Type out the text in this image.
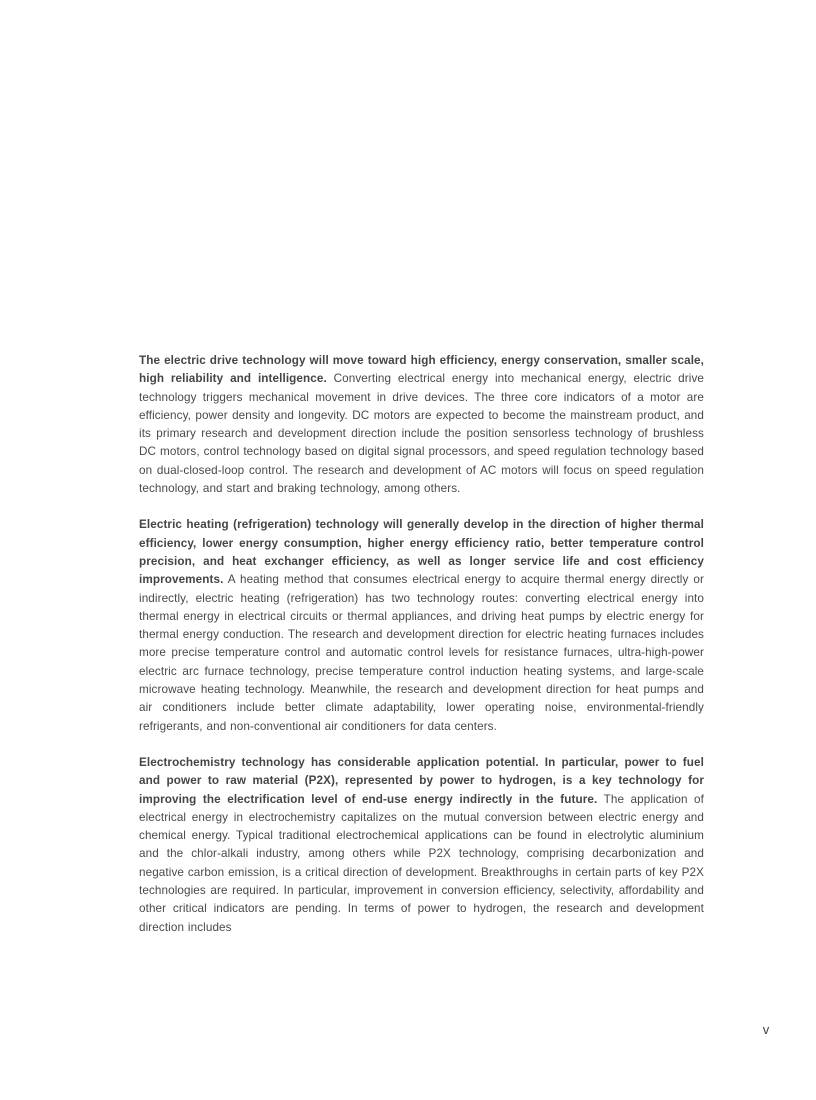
The electric drive technology will move toward high efficiency, energy conservation, smaller scale, high reliability and intelligence. Converting electrical energy into mechanical energy, electric drive technology triggers mechanical movement in drive devices. The three core indicators of a motor are efficiency, power density and longevity. DC motors are expected to become the mainstream product, and its primary research and development direction include the position sensorless technology of brushless DC motors, control technology based on digital signal processors, and speed regulation technology based on dual-closed-loop control. The research and development of AC motors will focus on speed regulation technology, and start and braking technology, among others.

Electric heating (refrigeration) technology will generally develop in the direction of higher thermal efficiency, lower energy consumption, higher energy efficiency ratio, better temperature control precision, and heat exchanger efficiency, as well as longer service life and cost efficiency improvements. A heating method that consumes electrical energy to acquire thermal energy directly or indirectly, electric heating (refrigeration) has two technology routes: converting electrical energy into thermal energy in electrical circuits or thermal appliances, and driving heat pumps by electric energy for thermal energy conduction. The research and development direction for electric heating furnaces includes more precise temperature control and automatic control levels for resistance furnaces, ultra-high-power electric arc furnace technology, precise temperature control induction heating systems, and large-scale microwave heating technology. Meanwhile, the research and development direction for heat pumps and air conditioners include better climate adaptability, lower operating noise, environmental-friendly refrigerants, and non-conventional air conditioners for data centers.

Electrochemistry technology has considerable application potential. In particular, power to fuel and power to raw material (P2X), represented by power to hydrogen, is a key technology for improving the electrification level of end-use energy indirectly in the future. The application of electrical energy in electrochemistry capitalizes on the mutual conversion between electric energy and chemical energy. Typical traditional electrochemical applications can be found in electrolytic aluminium and the chlor-alkali industry, among others while P2X technology, comprising decarbonization and negative carbon emission, is a critical direction of development. Breakthroughs in certain parts of key P2X technologies are required. In particular, improvement in conversion efficiency, selectivity, affordability and other critical indicators are pending. In terms of power to hydrogen, the research and development direction includes

v
